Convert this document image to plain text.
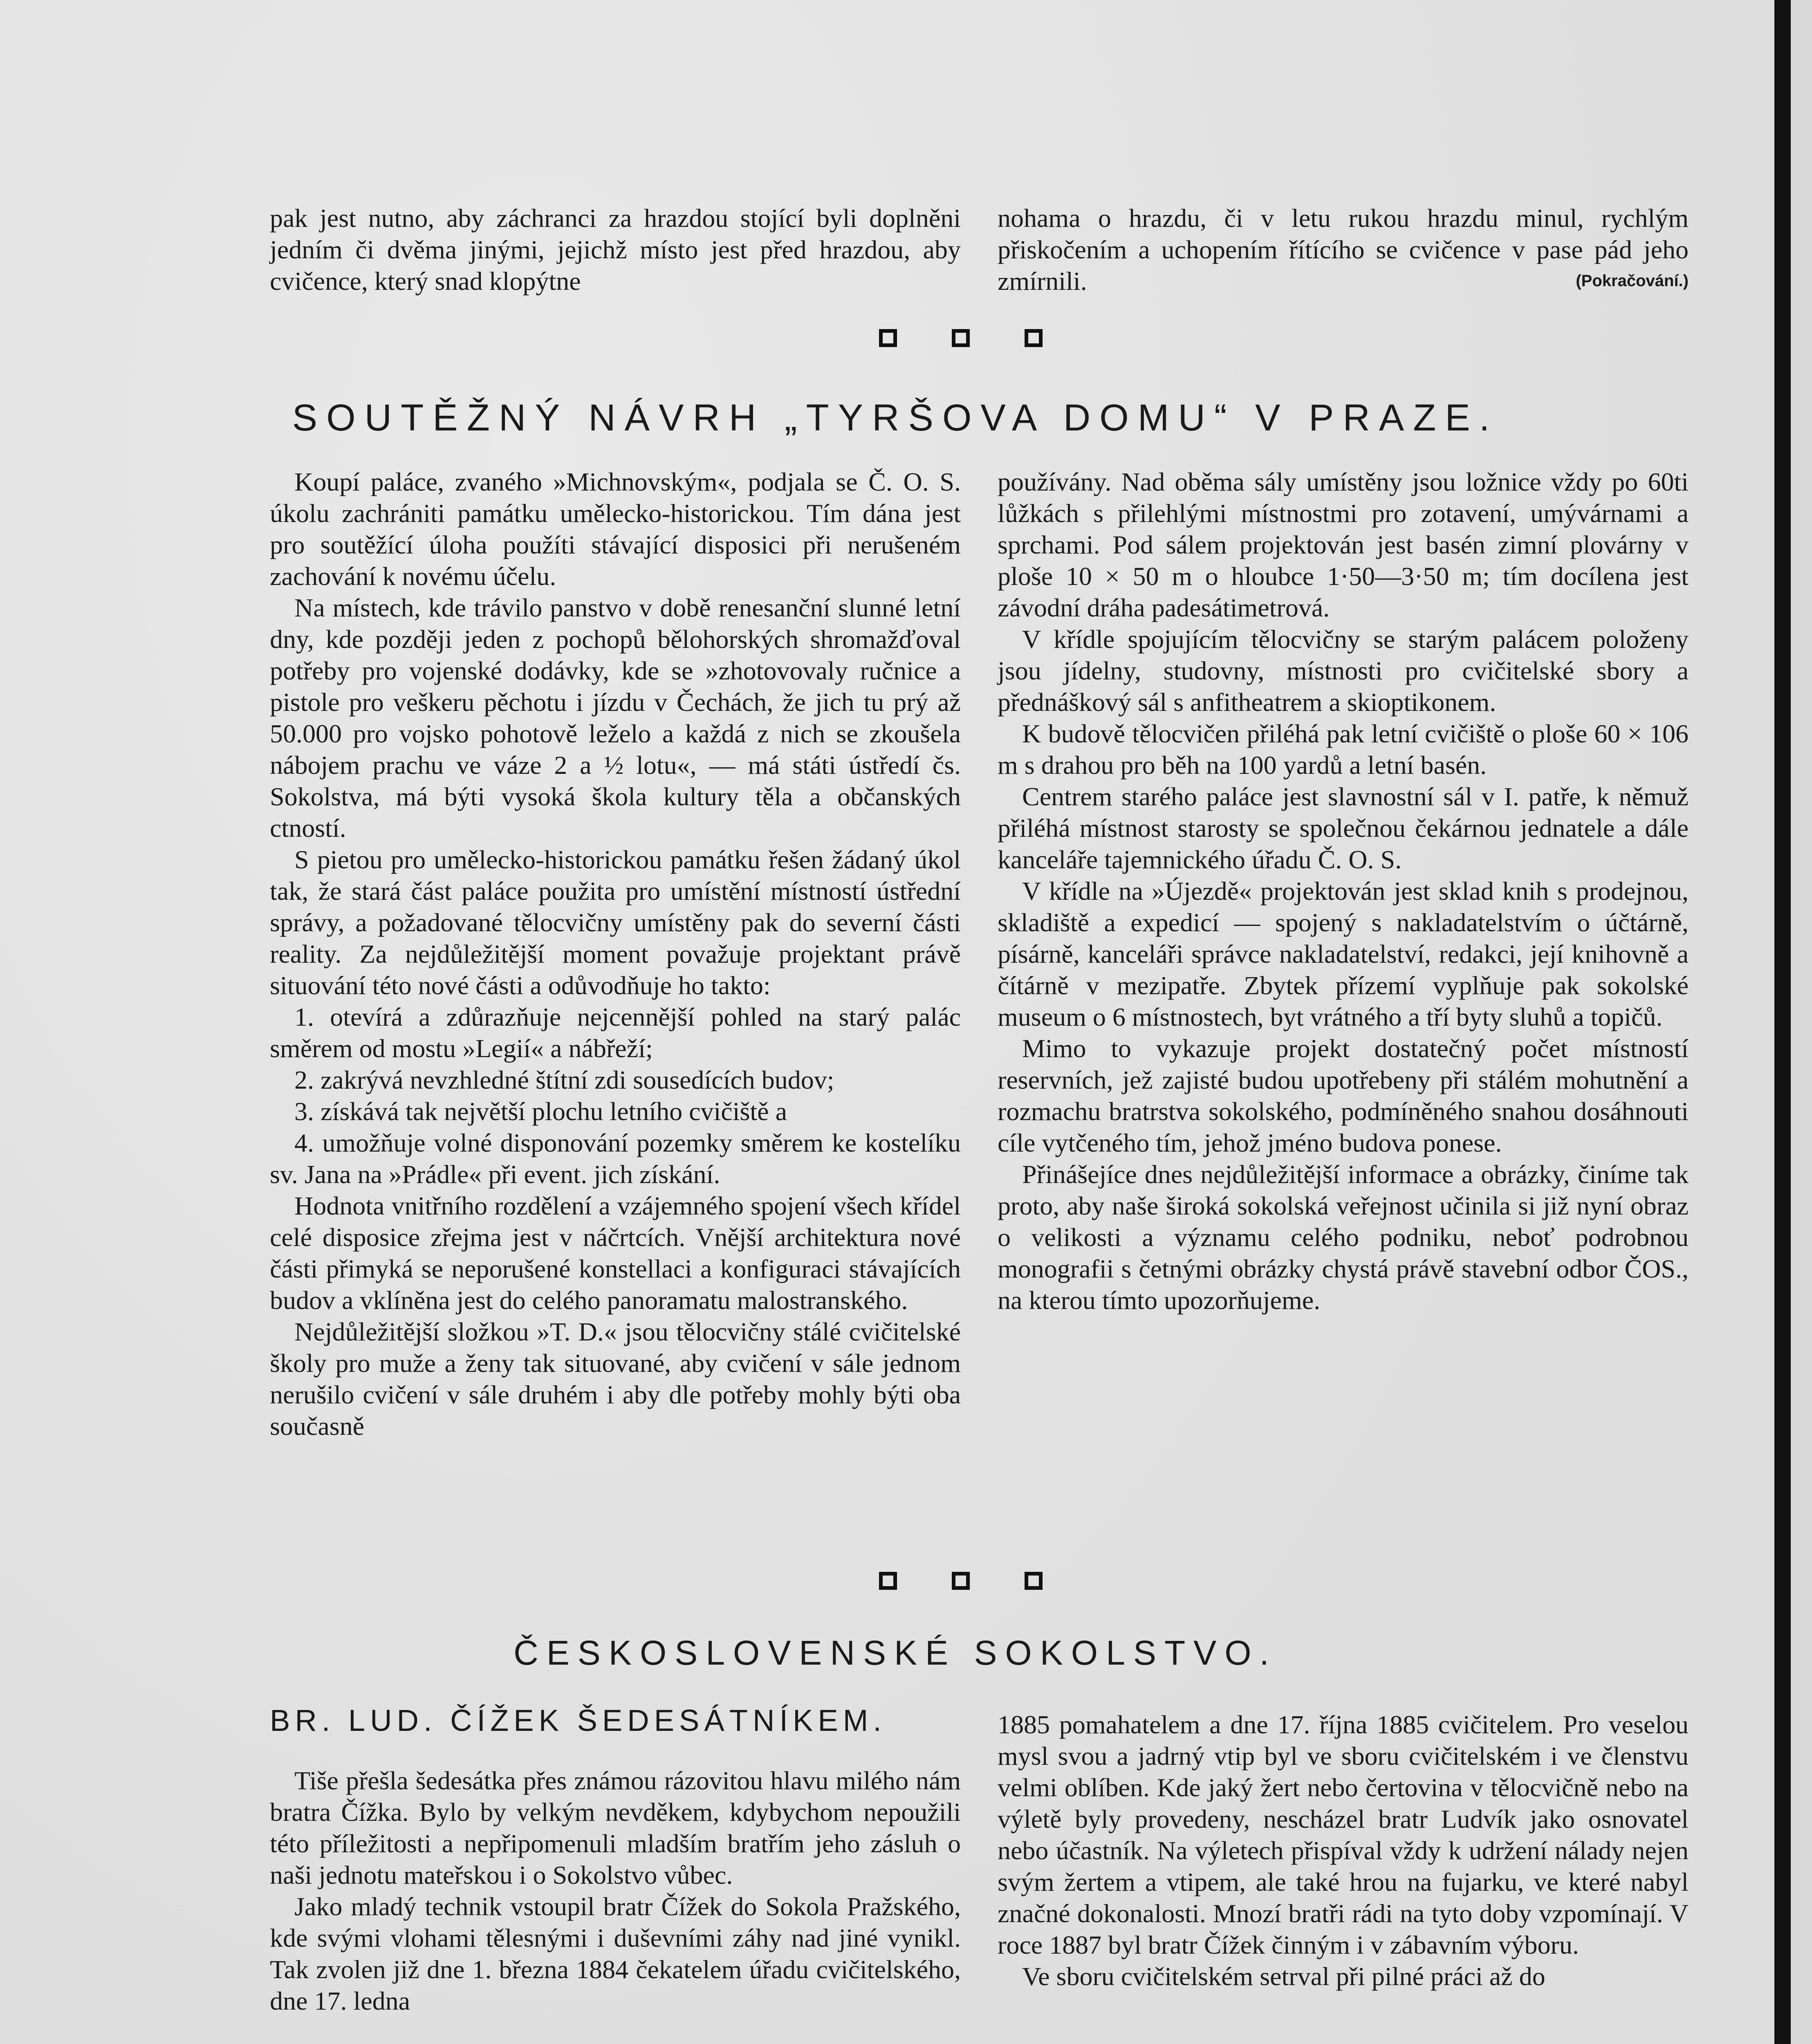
pak jest nutno, aby záchranci za hrazdou stojící byli doplněni jedním či dvěma jinými, jejichž místo jest před hrazdou, aby cvičence, který snad klopýtne

nohama o hrazdu, či v letu rukou hrazdu minul, rychlým přiskočením a uchopením řítícího se cvičence v pase pád jeho zmírnili.	(Pokračování.)

SOUTĚŽNÝ NÁVRH „TYRŠOVA DOMU“ V PRAZE.

Koupí paláce, zvaného »Michnovským«, podjala se Č. O. S. úkolu zachrániti památku umělecko-historickou. Tím dána jest pro soutěžící úloha použíti stávající disposici při nerušeném zachování k novému účelu.

Na místech, kde trávilo panstvo v době renesanční slunné letní dny, kde později jeden z pochopů bělohorských shromažďoval potřeby pro vojenské dodávky, kde se »zhotovovaly ručnice a pistole pro veškeru pěchotu i jízdu v Čechách, že jich tu prý až 50.000 pro vojsko pohotově leželo a každá z nich se zkoušela nábojem prachu ve váze 2 a ½ lotu«, — má státi ústředí čs. Sokolstva, má býti vysoká škola kultury těla a občanských ctností.

S pietou pro umělecko-historickou památku řešen žádaný úkol tak, že stará část paláce použita pro umístění místností ústřední správy, a požadované tělocvičny umístěny pak do severní části reality. Za nejdůležitější moment považuje projektant právě situování této nové části a odůvodňuje ho takto:

1. otevírá a zdůrazňuje nejcennější pohled na starý palác směrem od mostu »Legií« a nábřeží;

2. zakrývá nevzhledné štítní zdi sousedících budov;

3. získává tak největší plochu letního cvičiště a

4. umožňuje volné disponování pozemky směrem ke kostelíku sv. Jana na »Prádle« při event. jich získání.

Hodnota vnitřního rozdělení a vzájemného spojení všech křídel celé disposice zřejma jest v náčrtcích. Vnější architektura nové části přimyká se neporušené konstellaci a konfiguraci stávajících budov a vklíněna jest do celého panoramatu malostranského.

Nejdůležitější složkou »T. D.« jsou tělocvičny stálé cvičitelské školy pro muže a ženy tak situované, aby cvičení v sále jednom nerušilo cvičení v sále druhém i aby dle potřeby mohly býti oba současně

používány. Nad oběma sály umístěny jsou ložnice vždy po 60ti lůžkách s přilehlými místnostmi pro zotavení, umývárnami a sprchami. Pod sálem projektován jest basén zimní plovárny v ploše 10 × 50 m o hloubce 1·50—3·50 m; tím docílena jest závodní dráha padesátimetrová.

V křídle spojujícím tělocvičny se starým palácem položeny jsou jídelny, studovny, místnosti pro cvičitelské sbory a přednáškový sál s anfitheatrem a skioptikonem.

K budově tělocvičen přiléhá pak letní cvičiště o ploše 60 × 106 m s drahou pro běh na 100 yardů a letní basén.

Centrem starého paláce jest slavnostní sál v I. patře, k němuž přiléhá místnost starosty se společnou čekárnou jednatele a dále kanceláře tajemnického úřadu Č. O. S.

V křídle na »Újezdě« projektován jest sklad knih s prodejnou, skladiště a expedicí — spojený s nakladatelstvím o účtárně, písárně, kanceláři správce nakladatelství, redakci, její knihovně a čítárně v mezipatře. Zbytek přízemí vyplňuje pak sokolské museum o 6 místnostech, byt vrátného a tří byty sluhů a topičů.

Mimo to vykazuje projekt dostatečný počet místností reservních, jež zajisté budou upotřebeny při stálém mohutnění a rozmachu bratrstva sokolského, podmíněného snahou dosáhnouti cíle vytčeného tím, jehož jméno budova ponese.

Přinášejíce dnes nejdůležitější informace a obrázky, činíme tak proto, aby naše široká sokolská veřejnost učinila si již nyní obraz o velikosti a významu celého podniku, neboť podrobnou monografii s četnými obrázky chystá právě stavební odbor ČOS., na kterou tímto upozorňujeme.

ČESKOSLOVENSKÉ SOKOLSTVO.
BR. LUD. ČÍŽEK ŠEDESÁTNÍKEM.

Tiše přešla šedesátka přes známou rázovitou hlavu milého nám bratra Čížka. Bylo by velkým nevděkem, kdybychom nepoužili této příležitosti a nepřipomenuli mladším bratřím jeho zásluh o naši jednotu mateřskou i o Sokolstvo vůbec.

Jako mladý technik vstoupil bratr Čížek do Sokola Pražského, kde svými vlohami tělesnými i duševními záhy nad jiné vynikl. Tak zvolen již dne 1. března 1884 čekatelem úřadu cvičitelského, dne 17. ledna

1885 pomahatelem a dne 17. října 1885 cvičitelem. Pro veselou mysl svou a jadrný vtip byl ve sboru cvičitelském i ve členstvu velmi oblíben. Kde jaký žert nebo čertovina v tělocvičně nebo na výletě byly provedeny, nescházel bratr Ludvík jako osnovatel nebo účastník. Na výletech přispíval vždy k udržení nálady nejen svým žertem a vtipem, ale také hrou na fujarku, ve které nabyl značné dokonalosti. Mnozí bratři rádi na tyto doby vzpomínají. V roce 1887 byl bratr Čížek činným i v zábavním výboru.

Ve sboru cvičitelském setrval při pilné práci až do
